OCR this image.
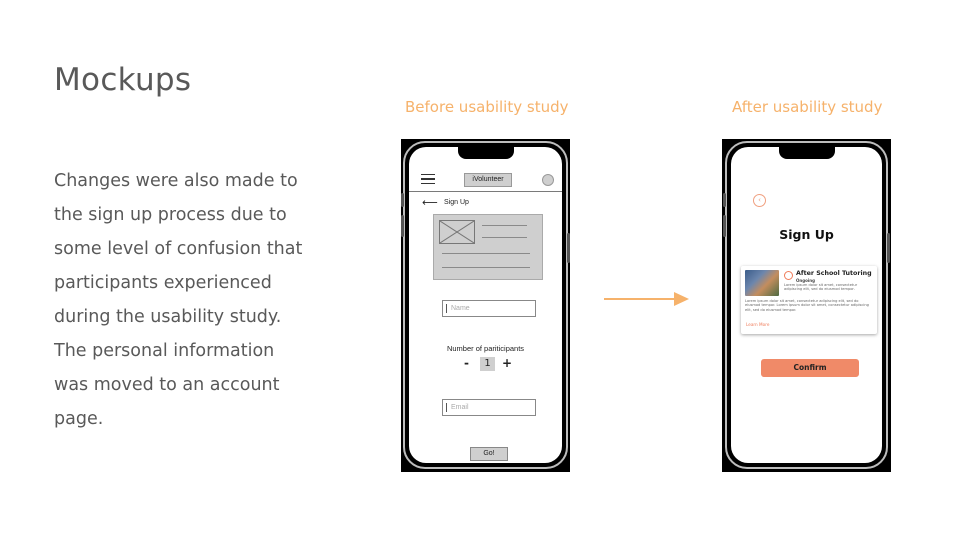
Mockups
Changes were also made to
the sign up process due to
some level of confusion that
participants experienced
during the usability study.
The personal information
was moved to an account
page.
Before usability study	After usability study
iVolunteer
⟵ Sign Up
Name
Number of pariticipants
-	1 +
Email
Go!
‹
Sign Up
After School Tutoring
Ongoing
Lorem ipsum dolor sit amet, consectetur adipiscing elit, sed do eiusmod tempor.
Lorem ipsum dolor sit amet, consectetur adipiscing elit, sed do eiusmod tempor. Lorem ipsum dolor sit amet, consectetur adipiscing elit, sed do eiusmod tempor.
Learn More
Confirm
